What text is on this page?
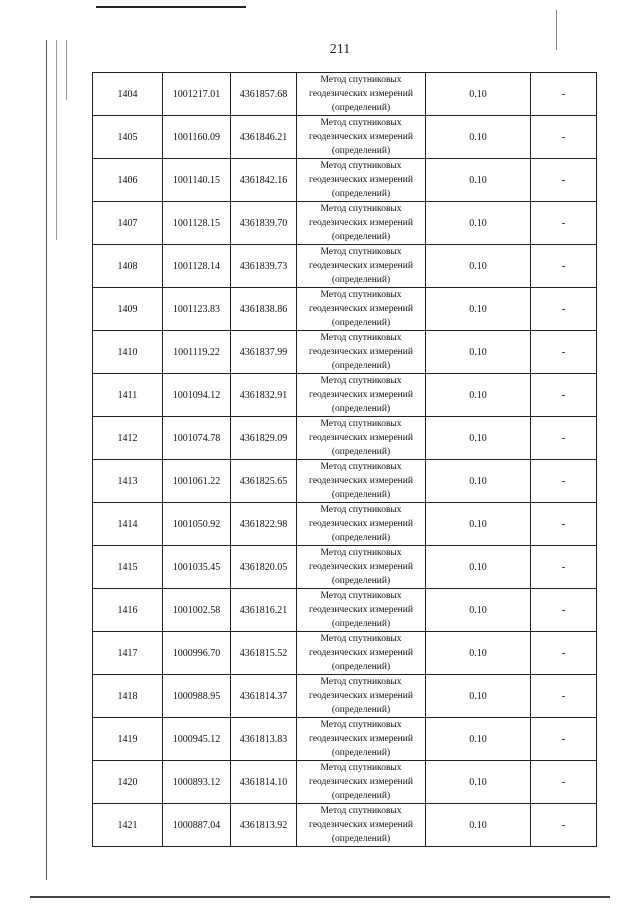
211
1404	1001217.01	4361857.68	Метод спутниковых геодезических измерений (определений)	0.10	-
1405	1001160.09	4361846.21	Метод спутниковых геодезических измерений (определений)	0.10	-
1406	1001140.15	4361842.16	Метод спутниковых геодезических измерений (определений)	0.10	-
1407	1001128.15	4361839.70	Метод спутниковых геодезических измерений (определений)	0.10	-
1408	1001128.14	4361839.73	Метод спутниковых геодезических измерений (определений)	0.10	-
1409	1001123.83	4361838.86	Метод спутниковых геодезических измерений (определений)	0.10	-
1410	1001119.22	4361837.99	Метод спутниковых геодезических измерений (определений)	0.10	-
1411	1001094.12	4361832.91	Метод спутниковых геодезических измерений (определений)	0.10	-
1412	1001074.78	4361829.09	Метод спутниковых геодезических измерений (определений)	0.10	-
1413	1001061.22	4361825.65	Метод спутниковых геодезических измерений (определений)	0.10	-
1414	1001050.92	4361822.98	Метод спутниковых геодезических измерений (определений)	0.10	-
1415	1001035.45	4361820.05	Метод спутниковых геодезических измерений (определений)	0.10	-
1416	1001002.58	4361816.21	Метод спутниковых геодезических измерений (определений)	0.10	-
1417	1000996.70	4361815.52	Метод спутниковых геодезических измерений (определений)	0.10	-
1418	1000988.95	4361814.37	Метод спутниковых геодезических измерений (определений)	0.10	-
1419	1000945.12	4361813.83	Метод спутниковых геодезических измерений (определений)	0.10	-
1420	1000893.12	4361814.10	Метод спутниковых геодезических измерений (определений)	0.10	-
1421	1000887.04	4361813.92	Метод спутниковых геодезических измерений (определений)	0.10	-
